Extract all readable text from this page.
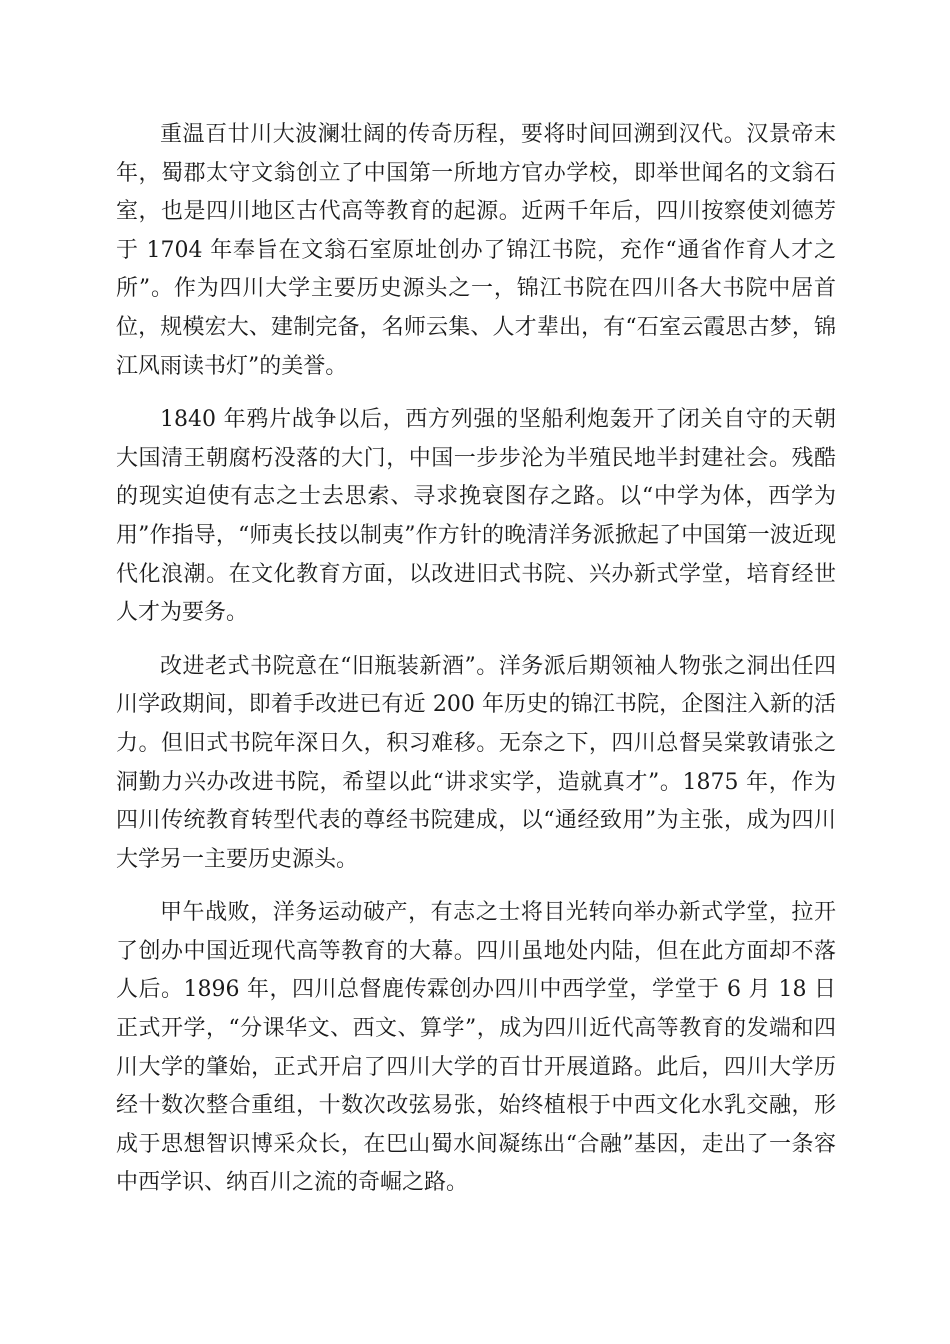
重温百廿川大波澜壮阔的传奇历程，要将时间回溯到汉代。汉景帝末年，蜀郡太守文翁创立了中国第一所地方官办学校，即举世闻名的文翁石室，也是四川地区古代高等教育的起源。近两千年后，四川按察使刘德芳于 1704 年奉旨在文翁石室原址创办了锦江书院，充作“通省作育人才之所”。作为四川大学主要历史源头之一，锦江书院在四川各大书院中居首位，规模宏大、建制完备，名师云集、人才辈出，有“石室云霞思古梦，锦江风雨读书灯”的美誉。

1840 年鸦片战争以后，西方列强的坚船利炮轰开了闭关自守的天朝大国清王朝腐朽没落的大门，中国一步步沦为半殖民地半封建社会。残酷的现实迫使有志之士去思索、寻求挽衰图存之路。以“中学为体，西学为用”作指导，“师夷长技以制夷”作方针的晚清洋务派掀起了中国第一波近现代化浪潮。在文化教育方面，以改进旧式书院、兴办新式学堂，培育经世人才为要务。

改进老式书院意在“旧瓶装新酒”。洋务派后期领袖人物张之洞出任四川学政期间，即着手改进已有近 200 年历史的锦江书院，企图注入新的活力。但旧式书院年深日久，积习难移。无奈之下，四川总督吴棠敦请张之洞勤力兴办改进书院，希望以此“讲求实学，造就真才”。1875 年，作为四川传统教育转型代表的尊经书院建成，以“通经致用”为主张，成为四川大学另一主要历史源头。

甲午战败，洋务运动破产，有志之士将目光转向举办新式学堂，拉开了创办中国近现代高等教育的大幕。四川虽地处内陆，但在此方面却不落人后。1896 年，四川总督鹿传霖创办四川中西学堂，学堂于 6 月 18 日正式开学，“分课华文、西文、算学”，成为四川近代高等教育的发端和四川大学的肇始，正式开启了四川大学的百廿开展道路。此后，四川大学历经十数次整合重组，十数次改弦易张，始终植根于中西文化水乳交融，形成于思想智识博采众长，在巴山蜀水间凝练出“合融”基因，走出了一条容中西学识、纳百川之流的奇崛之路。
